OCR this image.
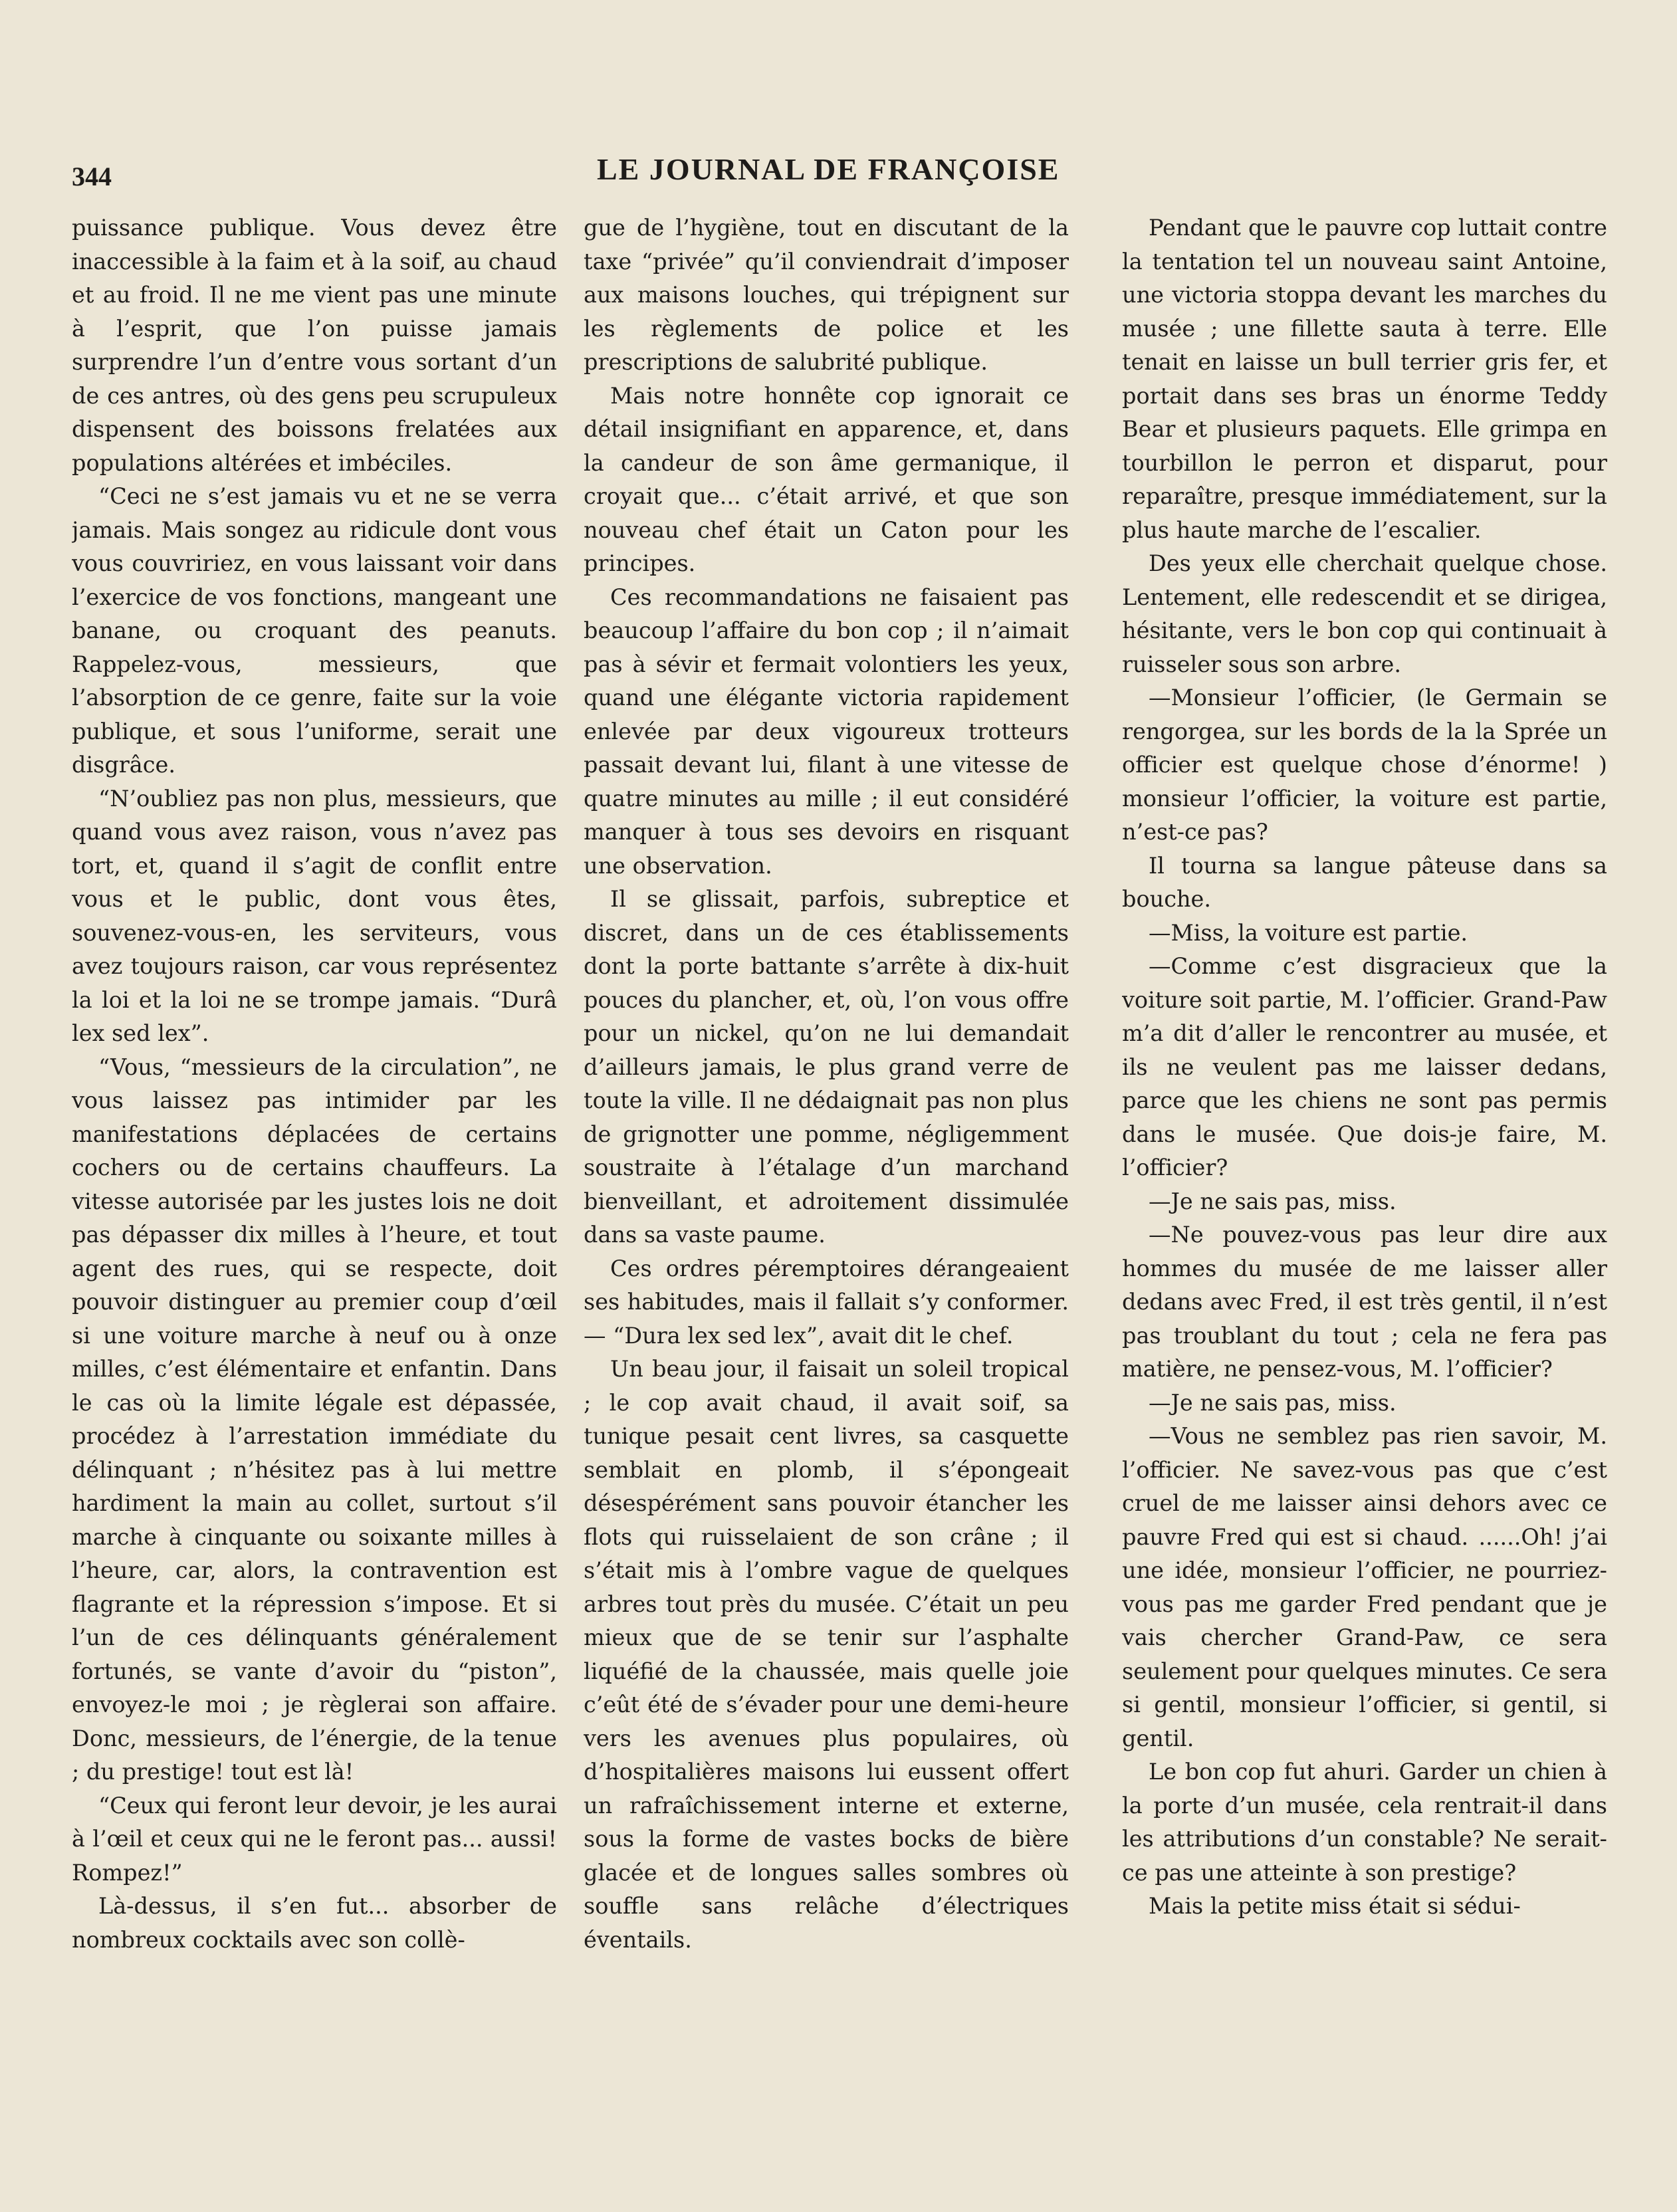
344	LE JOURNAL DE FRANÇOISE

puissance publique. Vous devez être inaccessible à la faim et à la soif, au chaud et au froid. Il ne me vient pas une minute à l’esprit, que l’on puisse jamais surprendre l’un d’entre vous sortant d’un de ces antres, où des gens peu scrupuleux dispensent des boissons frelatées aux populations altérées et imbéciles.

“Ceci ne s’est jamais vu et ne se verra jamais. Mais songez au ridicule dont vous vous couvririez, en vous laissant voir dans l’exercice de vos fonctions, mangeant une banane, ou croquant des peanuts. Rappelez-vous, messieurs, que l’absorption de ce genre, faite sur la voie publique, et sous l’uniforme, serait une disgrâce.

“N’oubliez pas non plus, messieurs, que quand vous avez raison, vous n’avez pas tort, et, quand il s’agit de conflit entre vous et le public, dont vous êtes, souvenez-vous-en, les serviteurs, vous avez toujours raison, car vous représentez la loi et la loi ne se trompe jamais. “Durâ lex sed lex”.

“Vous, “messieurs de la circulation”, ne vous laissez pas intimider par les manifestations déplacées de certains cochers ou de certains chauffeurs. La vitesse autorisée par les justes lois ne doit pas dépasser dix milles à l’heure, et tout agent des rues, qui se respecte, doit pouvoir distinguer au premier coup d’œil si une voiture marche à neuf ou à onze milles, c’est élémentaire et enfantin. Dans le cas où la limite légale est dépassée, procédez à l’arrestation immédiate du délinquant ; n’hésitez pas à lui mettre hardiment la main au collet, surtout s’il marche à cinquante ou soixante milles à l’heure, car, alors, la contravention est flagrante et la répression s’impose. Et si l’un de ces délinquants généralement fortunés, se vante d’avoir du “piston”, envoyez-le moi ; je règlerai son affaire. Donc, messieurs, de l’énergie, de la tenue ; du prestige! tout est là!

“Ceux qui feront leur devoir, je les aurai à l’œil et ceux qui ne le feront pas... aussi! Rompez!”

Là-dessus, il s’en fut... absorber de nombreux cocktails avec son collè-

gue de l’hygiène, tout en discutant de la taxe “privée” qu’il conviendrait d’imposer aux maisons louches, qui trépignent sur les règlements de police et les prescriptions de salubrité publique.

Mais notre honnête cop ignorait ce détail insignifiant en apparence, et, dans la candeur de son âme germanique, il croyait que... c’était arrivé, et que son nouveau chef était un Caton pour les principes.

Ces recommandations ne faisaient pas beaucoup l’affaire du bon cop ; il n’aimait pas à sévir et fermait volontiers les yeux, quand une élégante victoria rapidement enlevée par deux vigoureux trotteurs passait devant lui, filant à une vitesse de quatre minutes au mille ; il eut considéré manquer à tous ses devoirs en risquant une observation.

Il se glissait, parfois, subreptice et discret, dans un de ces établissements dont la porte battante s’arrête à dix-huit pouces du plancher, et, où, l’on vous offre pour un nickel, qu’on ne lui demandait d’ailleurs jamais, le plus grand verre de toute la ville. Il ne dédaignait pas non plus de grignotter une pomme, négligemment soustraite à l’étalage d’un marchand bienveillant, et adroitement dissimulée dans sa vaste paume.

Ces ordres péremptoires dérangeaient ses habitudes, mais il fallait s’y conformer. — “Dura lex sed lex”, avait dit le chef.

Un beau jour, il faisait un soleil tropical ; le cop avait chaud, il avait soif, sa tunique pesait cent livres, sa casquette semblait en plomb, il s’épongeait désespérément sans pouvoir étancher les flots qui ruisselaient de son crâne ; il s’était mis à l’ombre vague de quelques arbres tout près du musée. C’était un peu mieux que de se tenir sur l’asphalte liquéfié de la chaussée, mais quelle joie c’eût été de s’évader pour une demi-heure vers les avenues plus populaires, où d’hospitalières maisons lui eussent offert un rafraîchissement interne et externe, sous la forme de vastes bocks de bière glacée et de longues salles sombres où souffle sans relâche d’électriques éventails.

Pendant que le pauvre cop luttait contre la tentation tel un nouveau saint Antoine, une victoria stoppa devant les marches du musée ; une fillette sauta à terre. Elle tenait en laisse un bull terrier gris fer, et portait dans ses bras un énorme Teddy Bear et plusieurs paquets. Elle grimpa en tourbillon le perron et disparut, pour reparaître, presque immédiatement, sur la plus haute marche de l’escalier.

Des yeux elle cherchait quelque chose. Lentement, elle redescendit et se dirigea, hésitante, vers le bon cop qui continuait à ruisseler sous son arbre.

—Monsieur l’officier, (le Germain se rengorgea, sur les bords de la la Sprée un officier est quelque chose d’énorme! ) monsieur l’officier, la voiture est partie, n’est-ce pas?

Il tourna sa langue pâteuse dans sa bouche.

—Miss, la voiture est partie.

—Comme c’est disgracieux que la voiture soit partie, M. l’officier. Grand-Paw m’a dit d’aller le rencontrer au musée, et ils ne veulent pas me laisser dedans, parce que les chiens ne sont pas permis dans le musée. Que dois-je faire, M. l’officier?

—Je ne sais pas, miss.

—Ne pouvez-vous pas leur dire aux hommes du musée de me laisser aller dedans avec Fred, il est très gentil, il n’est pas troublant du tout ; cela ne fera pas matière, ne pensez-vous, M. l’officier?

—Je ne sais pas, miss.

—Vous ne semblez pas rien savoir, M. l’officier. Ne savez-vous pas que c’est cruel de me laisser ainsi dehors avec ce pauvre Fred qui est si chaud. ......Oh! j’ai une idée, monsieur l’officier, ne pourriez-vous pas me garder Fred pendant que je vais chercher Grand-Paw, ce sera seulement pour quelques minutes. Ce sera si gentil, monsieur l’officier, si gentil, si gentil.

Le bon cop fut ahuri. Garder un chien à la porte d’un musée, cela rentrait-il dans les attributions d’un constable? Ne serait-ce pas une atteinte à son prestige?

Mais la petite miss était si sédui-
